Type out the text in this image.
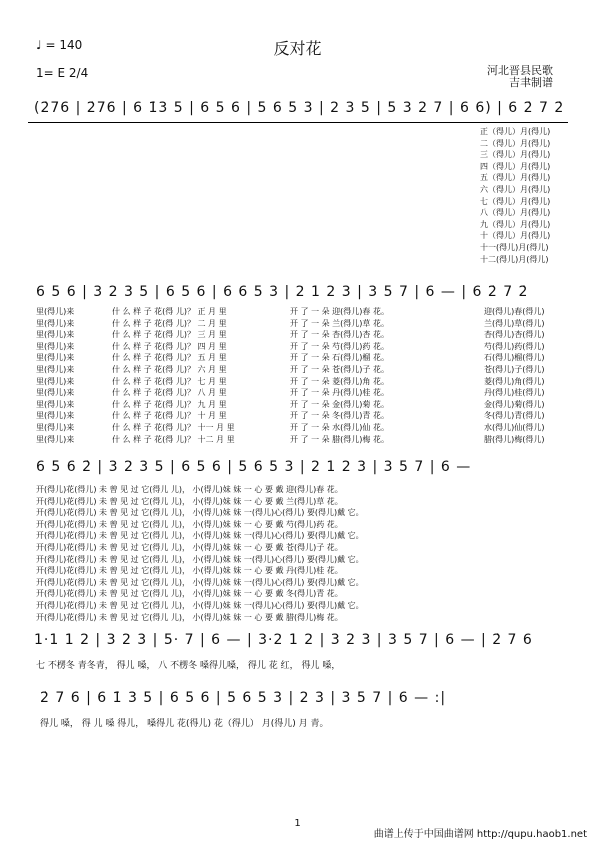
反对花
♩ = 140
1= E 2/4	河北晋县民歌
吉聿制谱
(2̇76 | 2̇76 | 6 1̇3 5 | 6 5 6 | 5 6 5 3 | 2 3 5 | 5 3 2 7 | 6 6) | 6 2̇ 7 2̇
正（得儿）月(得儿)
二（得儿）月(得儿)
三（得儿）月(得儿)
四（得儿）月(得儿)
五（得儿）月(得儿)
六（得儿）月(得儿)
七（得儿）月(得儿)
八（得儿）月(得儿)
九（得儿）月(得儿)
十（得儿）月(得儿)
十一(得儿)月(得儿)
十二(得儿)月(得儿)
6 5 6 | 3 2 3 5 | 6 5 6 | 6 6 5 3 | 2 1 2 3 | 3 5 7 | 6 — | 6 2̇ 7 2̇
里(得儿)来
里(得儿)来
里(得儿)来
里(得儿)来
里(得儿)来
里(得儿)来
里(得儿)来
里(得儿)来
里(得儿)来
里(得儿)来
里(得儿)来
里(得儿)来
什 么 样 子 花(得 儿)？ 正 月 里
什 么 样 子 花(得 儿)？ 二 月 里
什 么 样 子 花(得 儿)？ 三 月 里
什 么 样 子 花(得 儿)？ 四 月 里
什 么 样 子 花(得 儿)？ 五 月 里
什 么 样 子 花(得 儿)？ 六 月 里
什 么 样 子 花(得 儿)？ 七 月 里
什 么 样 子 花(得 儿)？ 八 月 里
什 么 样 子 花(得 儿)？ 九 月 里
什 么 样 子 花(得 儿)？ 十 月 里
什 么 样 子 花(得 儿)？ 十一 月 里
什 么 样 子 花(得 儿)？ 十二 月 里
开 了 一 朵 迎(得儿)春 花。
开 了 一 朵 兰(得儿)草 花。
开 了 一 朵 杏(得儿)杏 花。
开 了 一 朵 芍(得儿)药 花。
开 了 一 朵 石(得儿)榴 花。
开 了 一 朵 苍(得儿)子 花。
开 了 一 朵 菱(得儿)角 花。
开 了 一 朵 丹(得儿)桂 花。
开 了 一 朵 金(得儿)菊 花。
开 了 一 朵 冬(得儿)青 花。
开 了 一 朵 水(得儿)仙 花。
开 了 一 朵 腊(得儿)梅 花。
迎(得儿)春(得儿)
兰(得儿)草(得儿)
杏(得儿)杏(得儿)
芍(得儿)药(得儿)
石(得儿)榴(得儿)
苍(得儿)子(得儿)
菱(得儿)角(得儿)
丹(得儿)桂(得儿)
金(得儿)菊(得儿)
冬(得儿)青(得儿)
水(得儿)仙(得儿)
腊(得儿)梅(得儿)
6 5 6 2̇ | 3 2 3 5 | 6 5 6 | 5 6 5 3 | 2 1 2 3 | 3 5 7 | 6 —
开(得儿)花(得儿) 未 曾 见 过 它(得儿 儿)， 小(得儿)妹 妹 一 心 要 戴 迎(得儿)春 花。
开(得儿)花(得儿) 未 曾 见 过 它(得儿 儿)， 小(得儿)妹 妹 一 心 要 戴 兰(得儿)草 花。
开(得儿)花(得儿) 未 曾 见 过 它(得儿 儿)， 小(得儿)妹 妹 一(得儿)心(得儿) 要(得儿)戴 它。
开(得儿)花(得儿) 未 曾 见 过 它(得儿 儿)， 小(得儿)妹 妹 一 心 要 戴 芍(得儿)药 花。
开(得儿)花(得儿) 未 曾 见 过 它(得儿 儿)， 小(得儿)妹 妹 一(得儿)心(得儿) 要(得儿)戴 它。
开(得儿)花(得儿) 未 曾 见 过 它(得儿 儿)， 小(得儿)妹 妹 一 心 要 戴 苍(得儿)子 花。
开(得儿)花(得儿) 未 曾 见 过 它(得儿 儿)， 小(得儿)妹 妹 一(得儿)心(得儿) 要(得儿)戴 它。
开(得儿)花(得儿) 未 曾 见 过 它(得儿 儿)， 小(得儿)妹 妹 一 心 要 戴 丹(得儿)桂 花。
开(得儿)花(得儿) 未 曾 见 过 它(得儿 儿)， 小(得儿)妹 妹 一(得儿)心(得儿) 要(得儿)戴 它。
开(得儿)花(得儿) 未 曾 见 过 它(得儿 儿)， 小(得儿)妹 妹 一 心 要 戴 冬(得儿)青 花。
开(得儿)花(得儿) 未 曾 见 过 它(得儿 儿)， 小(得儿)妹 妹 一(得儿)心(得儿) 要(得儿)戴 它。
开(得儿)花(得儿) 未 曾 见 过 它(得儿 儿)， 小(得儿)妹 妹 一 心 要 戴 腊(得儿)梅 花。
1·1 1 2 | 3 2 3 | 5· 7 | 6 — | 3·2 1 2 | 3 2 3 | 3 5 7 | 6 — | 2̇ 7 6
七 不楞冬 青冬青， 得儿 嗓， 八 不楞冬 嗓得儿嗓， 得儿 花 红， 得儿 嗓，
2̇ 7 6 | 6 1̇ 3 5 | 6 5 6 | 5 6 5 3 | 2 3 | 3 5 7 | 6 — :|
得儿 嗓， 得 儿 嗓 得儿， 嗓得儿 花(得儿) 花（得儿） 月(得儿) 月 青。
1
曲谱上传于中国曲谱网 http://qupu.haob1.net
